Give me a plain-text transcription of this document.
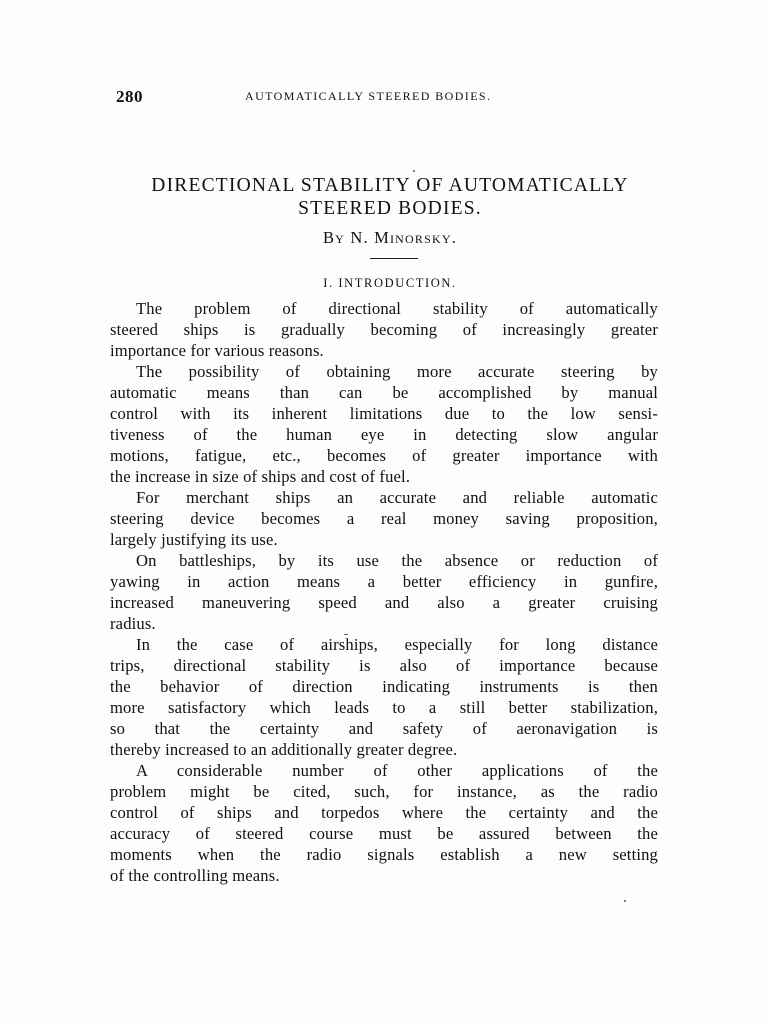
280	AUTOMATICALLY STEERED BODIES.
DIRECTIONAL STABILITY OF AUTOMATICALLY
STEERED BODIES.
By N. Minorsky.
I. INTRODUCTION.
The problem of directional stability of automatically
steered ships is gradually becoming of increasingly greater
importance for various reasons.
The possibility of obtaining more accurate steering by
automatic means than can be accomplished by manual
control with its inherent limitations due to the low sensi-
tiveness of the human eye in detecting slow angular
motions, fatigue, etc., becomes of greater importance with
the increase in size of ships and cost of fuel.
For merchant ships an accurate and reliable automatic
steering device becomes a real money saving proposition,
largely justifying its use.
On battleships, by its use the absence or reduction of
yawing in action means a better efficiency in gunfire,
increased maneuvering speed and also a greater cruising
radius.
In the case of airships, especially for long distance
trips, directional stability is also of importance because
the behavior of direction indicating instruments is then
more satisfactory which leads to a still better stabilization,
so that the certainty and safety of aeronavigation is
thereby increased to an additionally greater degree.
A considerable number of other applications of the
problem might be cited, such, for instance, as the radio
control of ships and torpedos where the certainty and the
accuracy of steered course must be assured between the
moments when the radio signals establish a new setting
of the controlling means.
